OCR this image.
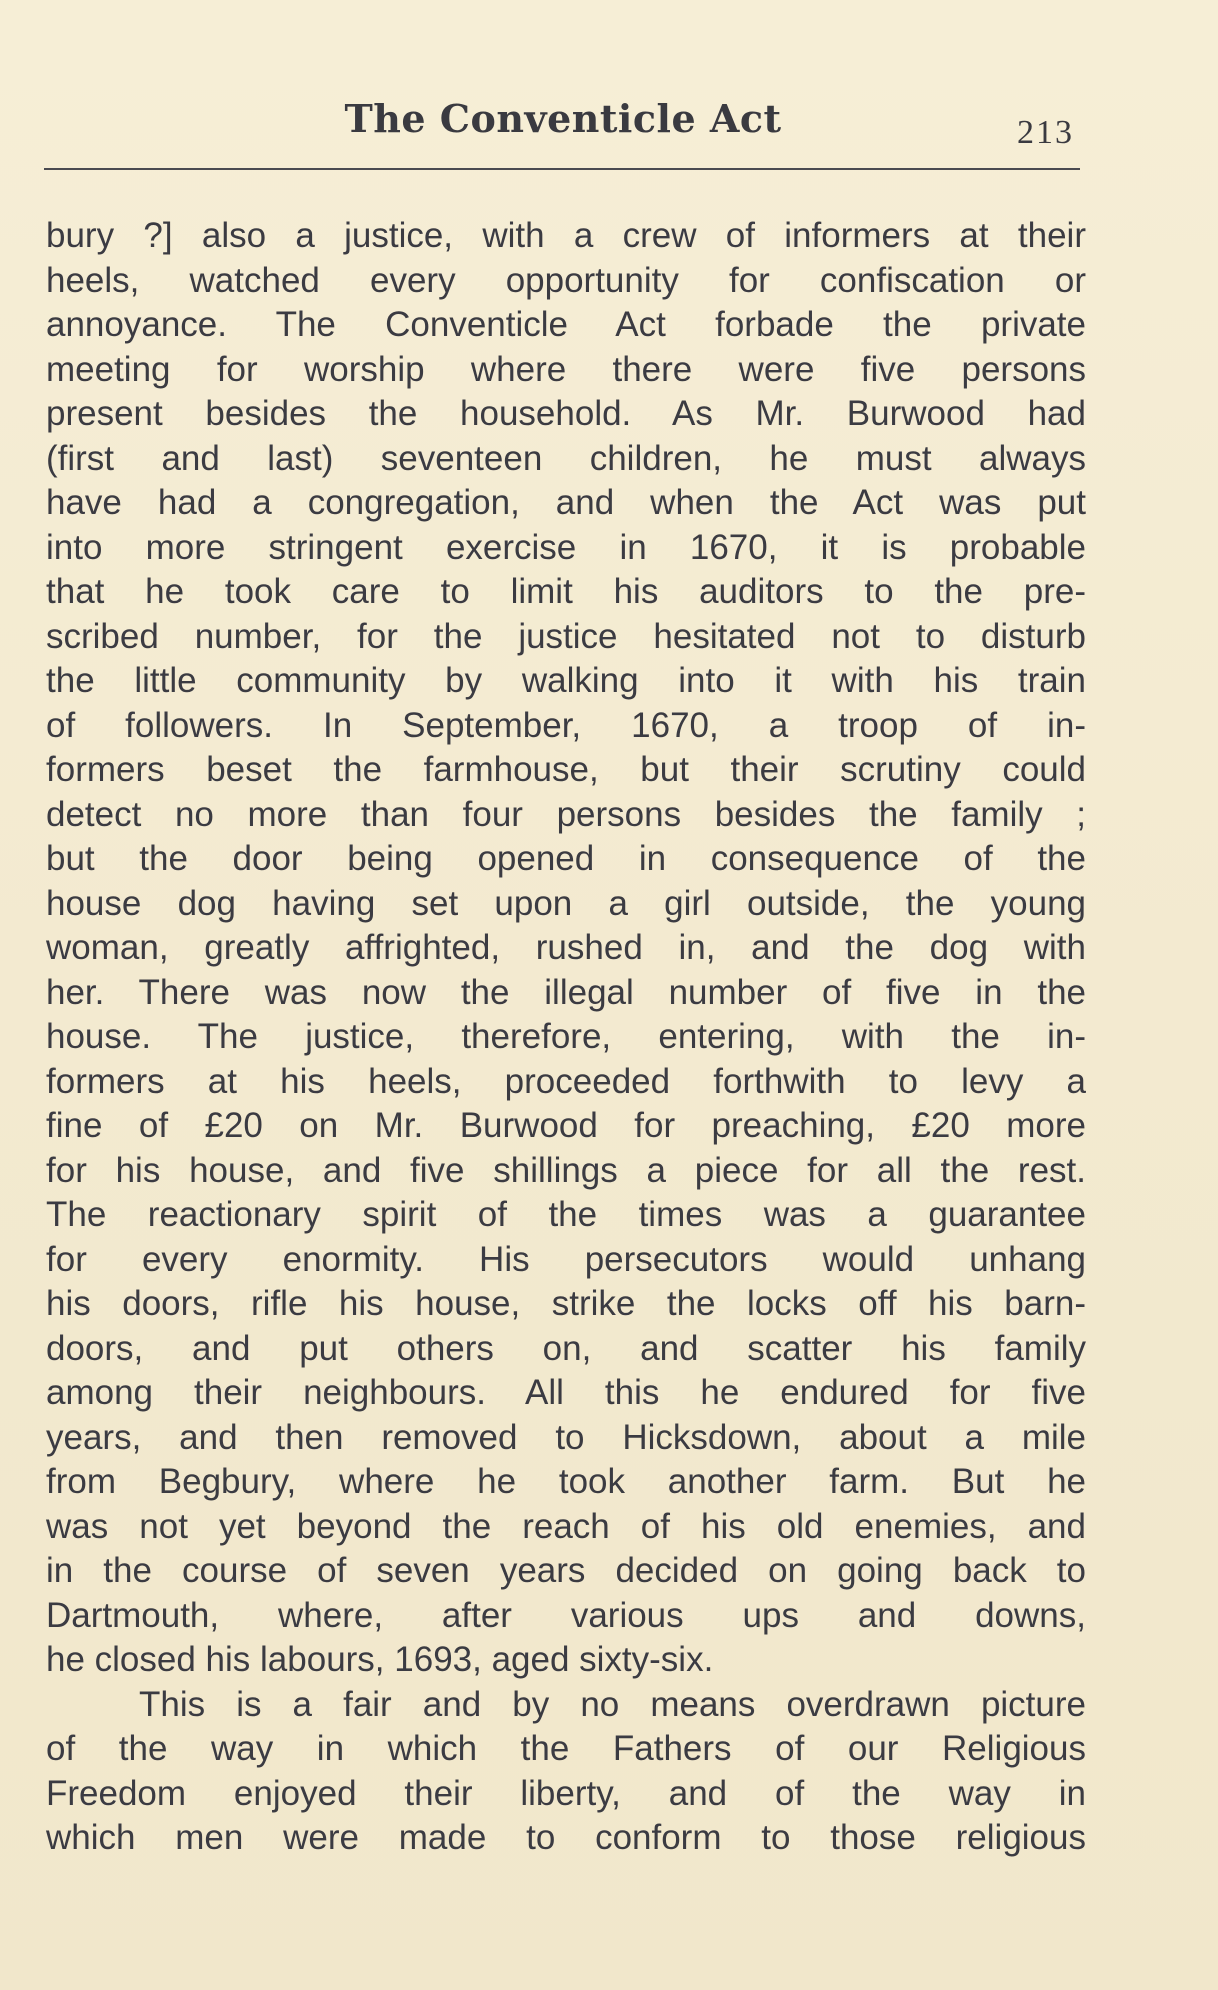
The Conventicle Act	213
bury ?] also a justice, with a crew of informers at their
heels, watched every opportunity for confiscation or
annoyance. The Conventicle Act forbade the private
meeting for worship where there were five persons
present besides the household. As Mr. Burwood had
(first and last) seventeen children, he must always
have had a congregation, and when the Act was put
into more stringent exercise in 1670, it is probable
that he took care to limit his auditors to the pre-
scribed number, for the justice hesitated not to disturb
the little community by walking into it with his train
of followers. In September, 1670, a troop of in-
formers beset the farmhouse, but their scrutiny could
detect no more than four persons besides the family ;
but the door being opened in consequence of the
house dog having set upon a girl outside, the young
woman, greatly affrighted, rushed in, and the dog with
her. There was now the illegal number of five in the
house. The justice, therefore, entering, with the in-
formers at his heels, proceeded forthwith to levy a
fine of £20 on Mr. Burwood for preaching, £20 more
for his house, and five shillings a piece for all the rest.
The reactionary spirit of the times was a guarantee
for every enormity. His persecutors would unhang
his doors, rifle his house, strike the locks off his barn-
doors, and put others on, and scatter his family
among their neighbours. All this he endured for five
years, and then removed to Hicksdown, about a mile
from Begbury, where he took another farm. But he
was not yet beyond the reach of his old enemies, and
in the course of seven years decided on going back to
Dartmouth, where, after various ups and downs,
he closed his labours, 1693, aged sixty-six.
This is a fair and by no means overdrawn picture
of the way in which the Fathers of our Religious
Freedom enjoyed their liberty, and of the way in
which men were made to conform to those religious
